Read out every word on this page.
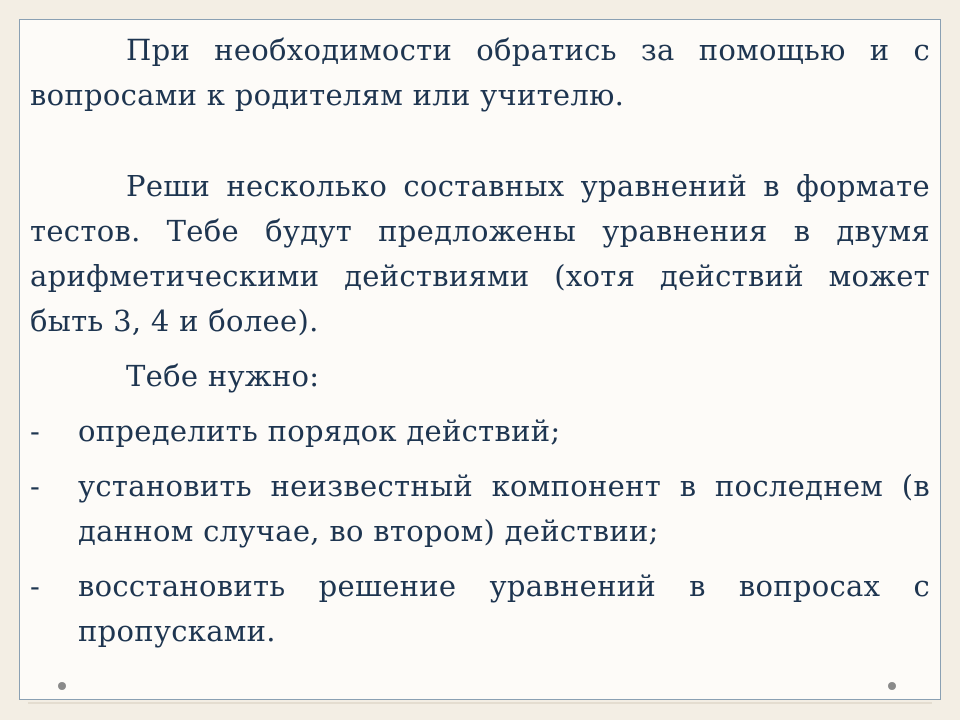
При необходимости обратись за помощью и с вопросами к родителям или учителю.

Реши несколько составных уравнений в формате тестов. Тебе будут предложены уравнения в двумя арифметическими действиями (хотя действий может быть 3, 4 и более).

Тебе нужно:

-	определить порядок действий;
-	установить неизвестный компонент в последнем (в данном случае, во втором) действии;
-	восстановить решение уравнений в вопросах с пропусками.
